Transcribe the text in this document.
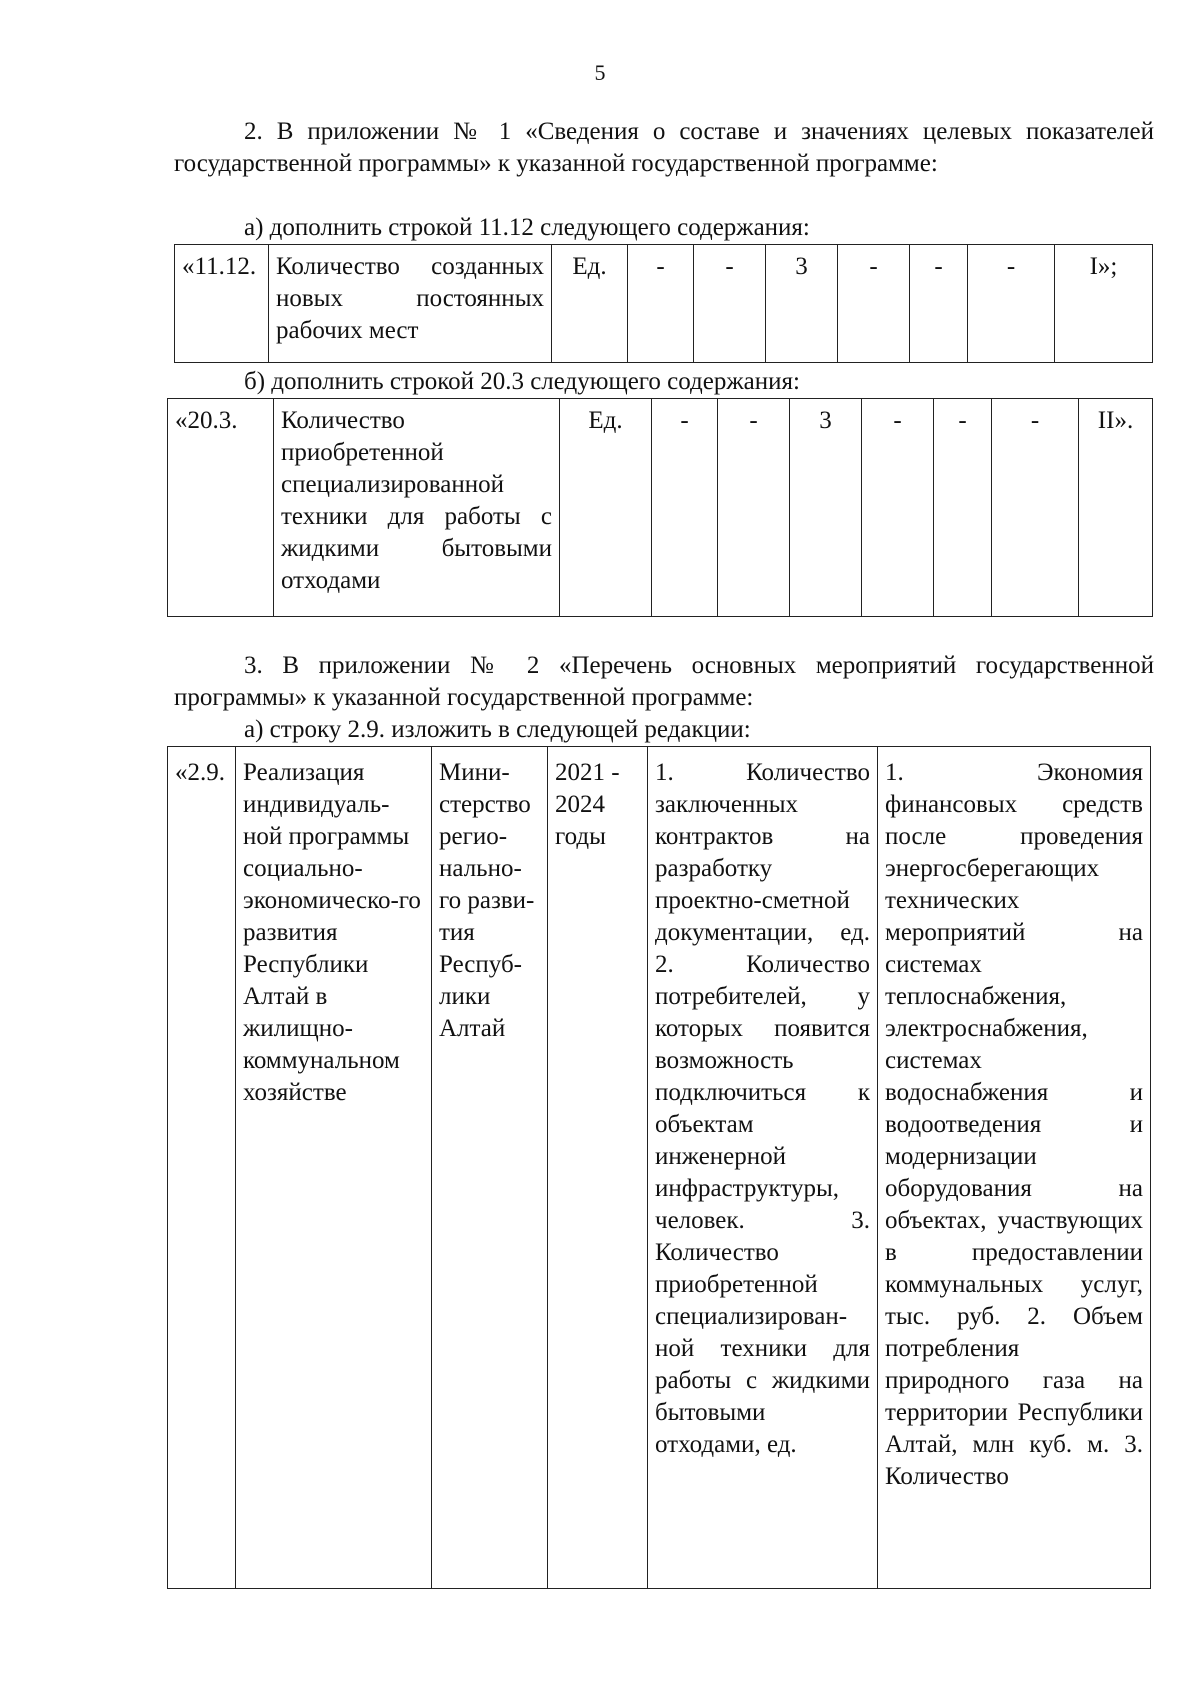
5

2. В приложении № 1 «Сведения о составе и значениях целевых показателей государственной программы» к указанной государственной программе:

а) дополнить строкой 11.12 следующего содержания:

«11.12.	Количество созданных новых постоянных рабочих мест	Ед.	-	-	3	-	-	-	I»;

б) дополнить строкой 20.3 следующего содержания:

«20.3.	Количество приобретенной специализированной техники для работы с жидкими бытовыми отходами	Ед.	-	-	3	-	-	-	II».

3. В приложении № 2 «Перечень основных мероприятий государственной программы» к указанной государственной программе:

а) строку 2.9. изложить в следующей редакции:

«2.9.	Реализация индивидуаль-ной программы социально-экономическо-го развития Республики Алтай в жилищно-коммунальном хозяйстве	Мини-стерство регио-нально-го разви-тия Респуб-лики Алтай	2021 - 2024 годы	1. Количество заключенных контрактов на разработку проектно-сметной документации, ед. 2. Количество потребителей, у которых появится возможность подключиться к объектам инженерной инфраструктуры, человек. 3. Количество приобретенной специализирован-ной техники для работы с жидкими бытовыми отходами, ед.	1. Экономия финансовых средств после проведения энергосберегающих технических мероприятий на системах теплоснабжения, электроснабжения, системах водоснабжения и водоотведения и модернизации оборудования на объектах, участвующих в предоставлении коммунальных услуг, тыс. руб. 2. Объем потребления природного газа на территории Республики Алтай, млн куб. м. 3. Количество
